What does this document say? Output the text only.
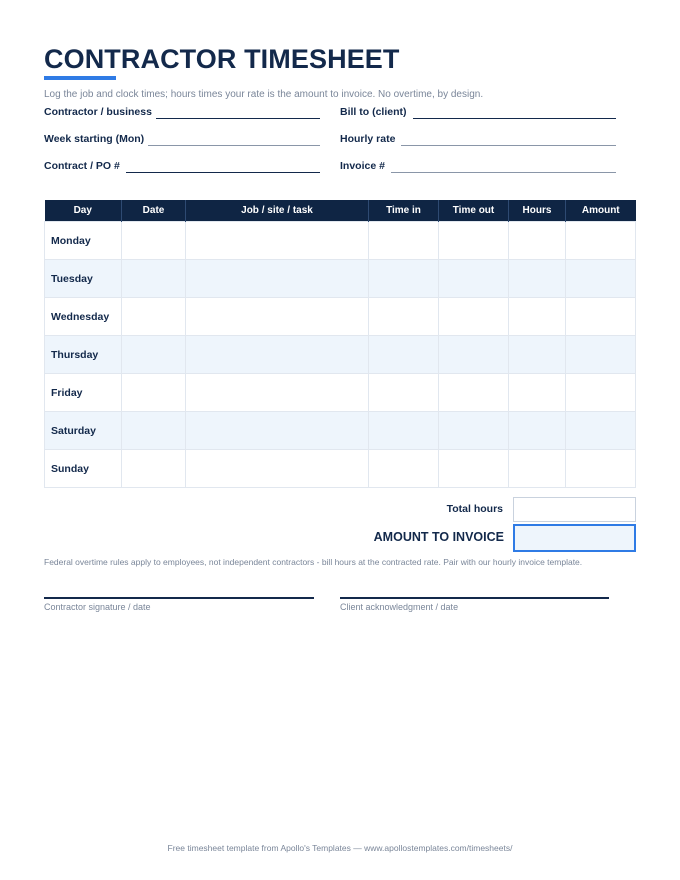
CONTRACTOR TIMESHEET
Log the job and clock times; hours times your rate is the amount to invoice. No overtime, by design.
Contractor / business
Week starting (Mon)
Contract / PO #
Bill to (client)
Hourly rate
Invoice #
Day	Date	Job / site / task	Time in	Time out	Hours	Amount
Monday						
Tuesday						
Wednesday						
Thursday						
Friday						
Saturday						
Sunday						
Total hours
AMOUNT TO INVOICE
Federal overtime rules apply to employees, not independent contractors - bill hours at the contracted rate. Pair with our hourly invoice template.
Contractor signature / date	Client acknowledgment / date
Free timesheet template from Apollo's Templates — www.apollostemplates.com/timesheets/
